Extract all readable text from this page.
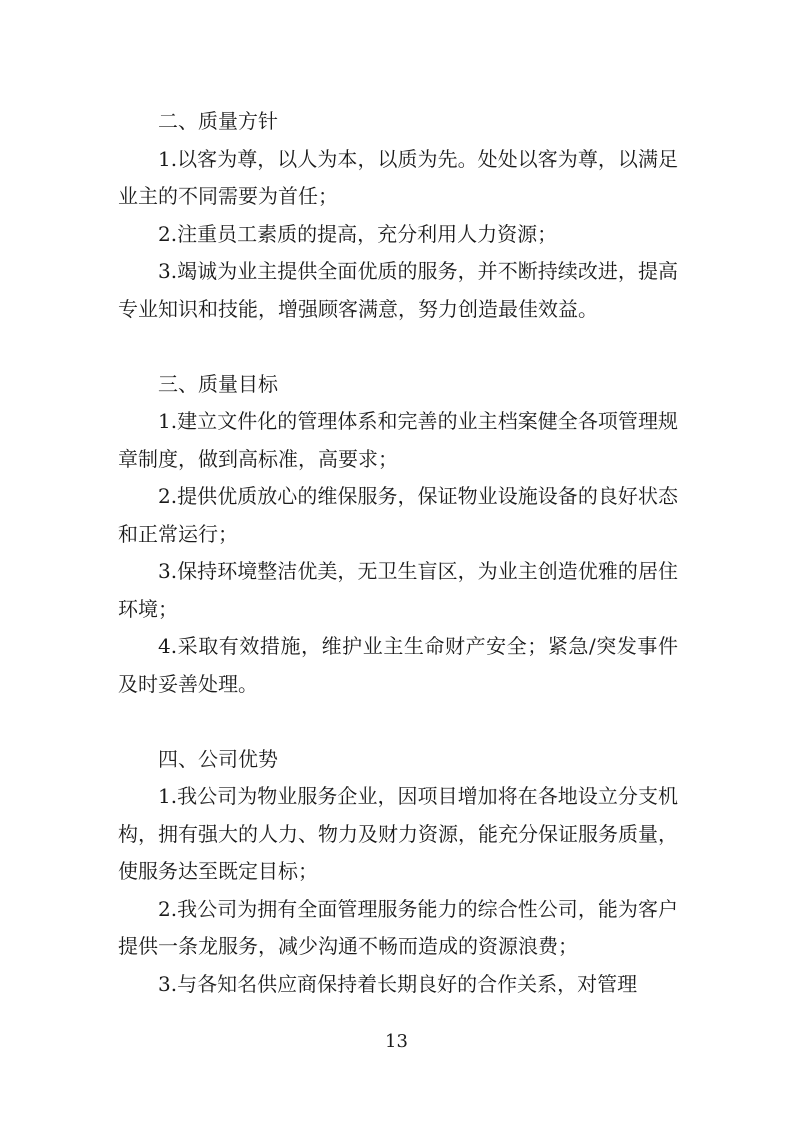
二、质量方针

1.以客为尊，以人为本，以质为先。处处以客为尊，以满足业主的不同需要为首任；

2.注重员工素质的提高，充分利用人力资源；

3.竭诚为业主提供全面优质的服务，并不断持续改进，提高专业知识和技能，增强顾客满意，努力创造最佳效益。

三、质量目标

1.建立文件化的管理体系和完善的业主档案健全各项管理规章制度，做到高标准，高要求；

2.提供优质放心的维保服务，保证物业设施设备的良好状态和正常运行；

3.保持环境整洁优美，无卫生盲区，为业主创造优雅的居住环境；

4.采取有效措施，维护业主生命财产安全；紧急/突发事件及时妥善处理。

四、公司优势

1.我公司为物业服务企业，因项目增加将在各地设立分支机构，拥有强大的人力、物力及财力资源，能充分保证服务质量，使服务达至既定目标；

2.我公司为拥有全面管理服务能力的综合性公司，能为客户提供一条龙服务，减少沟通不畅而造成的资源浪费；

3.与各知名供应商保持着长期良好的合作关系，对管理

13
